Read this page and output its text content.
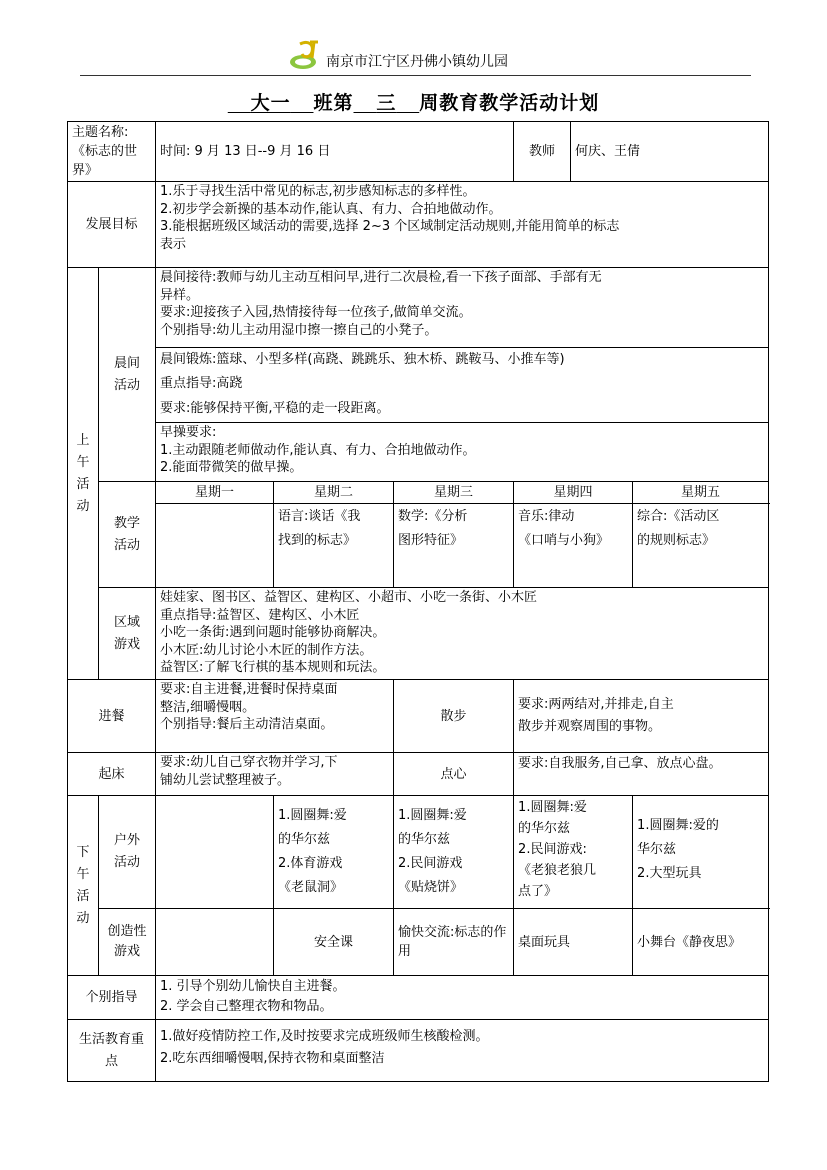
南京市江宁区丹佛小镇幼儿园
大一 班第 三 周教育教学活动计划
主题名称:《标志的世
界》		时间: 9 月 13 日--9 月 16 日			教师	何庆、王倩	
发展目标		1.乐于寻找生活中常见的标志,初步感知标志的多样性。
2.初步学会新操的基本动作,能认真、有力、合拍地做动作。
3.能根据班级区域活动的需要,选择 2~3 个区域制定活动规则,并能用简单的标志
表示					

上午活动	晨间活动	晨间接待:教师与幼儿主动互相问早,进行二次晨检,看一下孩子面部、手部有无
异样。
要求:迎接孩子入园,热情接待每一位孩子,做简单交流。
个别指导:幼儿主动用湿巾擦一擦自己的小凳子。					

		晨间锻炼:篮球、小型多样(高跷、跳跳乐、独木桥、跳鞍马、小推车等)
重点指导:高跷
要求:能够保持平衡,平稳的走一段距离。					

		早操要求:
1.主动跟随老师做动作,能认真、有力、合拍地做动作。
2.能面带微笑的做早操。					

	教学活动	星期一	星期二	星期三	星期四		星期五

			语言:谈话《我
找到的标志》	数学:《分析
图形特征》	音乐:律动
《口哨与小狗》		综合:《活动区
的规则标志》

	区域游戏	娃娃家、图书区、益智区、建构区、小超市、小吃一条街、小木匠
重点指导:益智区、建构区、小木匠
小吃一条街:遇到问题时能够协商解决。
小木匠:幼儿讨论小木匠的制作方法。
益智区:了解飞行棋的基本规则和玩法。					

进餐		要求:自主进餐,进餐时保持桌面
整洁,细嚼慢咽。
个别指导:餐后主动清洁桌面。		散步	要求:两两结对,并排走,自主
散步并观察周围的事物。		

起床		要求:幼儿自己穿衣物并学习,下
铺幼儿尝试整理被子。		点心	要求:自我服务,自己拿、放点心盘。		

下午活动	户外活动		1.圆圈舞:爱
的华尔兹
2.体育游戏
《老鼠洞》	1.圆圈舞:爱
的华尔兹
2.民间游戏
《贴烧饼》	1.圆圈舞:爱
的华尔兹
2.民间游戏:
《老狼老狼几
点了》		1.圆圈舞:爱的
华尔兹
2.大型玩具

	创造性游戏		安全课	愉快交流:标志的作用	桌面玩具		小舞台《静夜思》
个别指导		1. 引导个别幼儿愉快自主进餐。
2. 学会自己整理衣物和物品。					

生活教育重 点		1.做好疫情防控工作,及时按要求完成班级师生核酸检测。
2.吃东西细嚼慢咽,保持衣物和桌面整洁					
